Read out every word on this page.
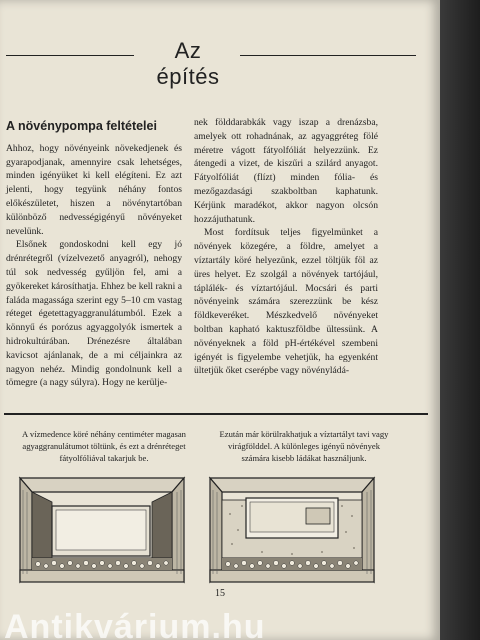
Az építés
A növénypompa feltételei

Ahhoz, hogy növényeink növekedjenek és gyarapodjanak, amennyire csak lehetséges, minden igényüket ki kell elégíteni. Ez azt jelenti, hogy tegyünk néhány fontos előkészületet, hiszen a növénytartóban különböző nedvességigényű növényeket nevelünk.

Elsőnek gondoskodni kell egy jó drénrétegről (vízelvezető anyagról), nehogy túl sok nedvesség gyűljön fel, ami a gyökereket károsíthatja. Ehhez be kell rakni a faláda magassága szerint egy 5–10 cm vastag réteget égetettagyaggranulátumból. Ezek a könnyű és porózus agyaggolyók ismertek a hidrokultúrában. Drénezésre általában kavicsot ajánlanak, de a mi céljainkra az nagyon nehéz. Mindig gondolnunk kell a tömegre (a nagy súlyra). Hogy ne kerülje-

nek földdarabkák vagy iszap a drenázsba, amelyek ott rohadnának, az agyaggréteg fölé méretre vágott fátyolfóliát helyezzünk. Ez átengedi a vizet, de kiszűri a szilárd anyagot. Fátyolfóliát (flízt) minden fólia- és mezőgazdasági szakboltban kaphatunk. Kérjünk maradékot, akkor nagyon olcsón hozzájuthatunk.

Most fordítsuk teljes figyelmünket a növények közegére, a földre, amelyet a víztartály köré helyezünk, ezzel töltjük föl az üres helyet. Ez szolgál a növények tartójául, táplálék- és víztartójául. Mocsári és parti növényeink számára szerezzünk be kész földkeveréket. Mészkedvelő növényeket boltban kapható kaktuszföldbe ültessünk. A növényeknek a föld pH-értékével szembeni igényét is figyelembe vehetjük, ha egyenként ültetjük őket cserépbe vagy növényládá-

A vízmedence köré néhány centiméter magasan agyaggranulátumot töltünk, és ezt a drénréteget fátyolfóliával takarjuk be.
Ezután már körülrakhatjuk a víztartályt tavi vagy virágfölddel. A különleges igényű növények számára kisebb ládákat használjunk.
15
Antikvárium.hu
